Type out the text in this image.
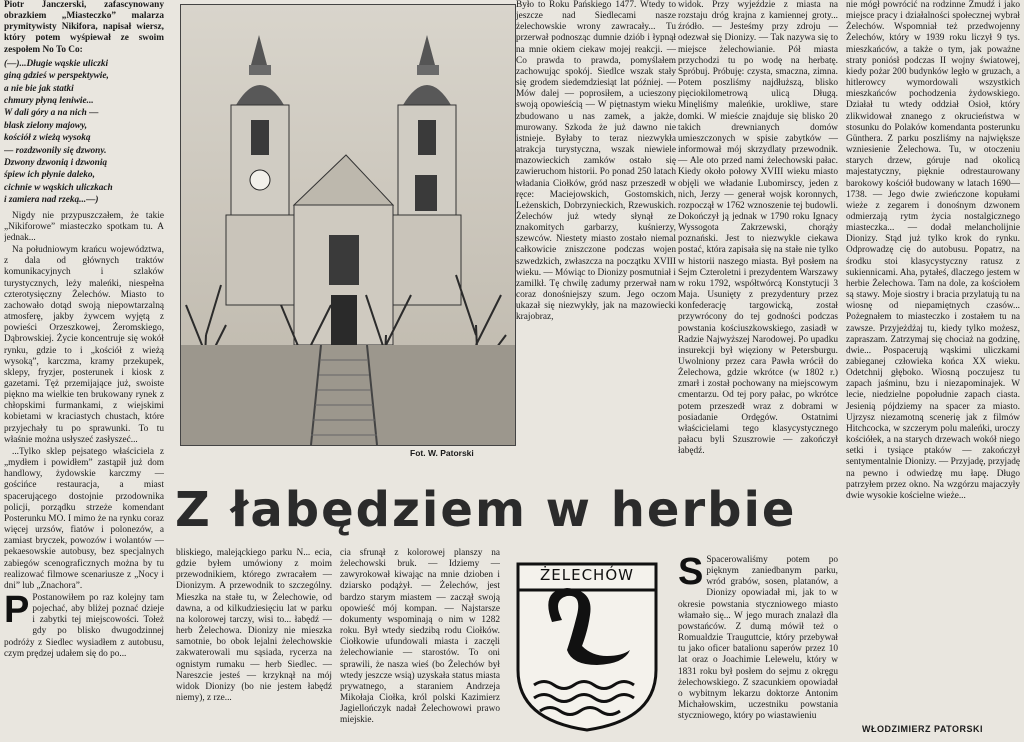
Piotr Janczerski, zafascynowany obrazkiem „Miasteczko” malarza prymitywisty Nikifora, napisał wiersz, który potem wyśpiewał ze swoim zespołem No To Co:

(—)...Długie wąskie uliczki
giną gdzieś w perspektywie,
a nie bie jak statki
chmury płyną leniwie...
W dali góry a na nich —
blask zielony majowy,
kościół z wieżą wysoką
— rozdzwonily się dzwony.
Dzwony dzwonią i dzwonią
śpiew ich płynie daleko,
cichnie w wąskich uliczkach
i zamiera nad rzeką...—)

Nigdy nie przypuszczałem, że takie „Nikiforowe” miasteczko spotkam tu. A jednak...

Na południowym krańcu województwa, z dala od głównych traktów komunikacyjnych i szlaków turystycznych, leży maleńki, niespełna czterotysięczny Żelechów. Miasto to zachowało dotąd swoją niepowtarzalną atmosferę, jakby żywcem wyjętą z powieści Orzeszkowej, Żeromskiego, Dąbrowskiej. Życie koncentruje się wokół rynku, gdzie to i „kościół z wieżą wysoką”, karczma, kramy przekupek, sklepy, fryzjer, posterunek i kiosk z gazetami. Tęż przemijające już, swoiste piękno ma wielkie ten brukowany rynek z chłopskimi furmankami, z wiejskimi kobietami w kraciastych chustach, które przyjechały tu po sprawunki. To tu właśnie można usłyszeć zasłyszeć...

...Tylko sklep pejsatego właściciela z „mydłem i powidłem” zastąpił już dom handlowy, żydowskie karczmy — gościńce restauracja, a miast spacerującego dostojnie przodownika policji, porządku strzeże komendant Posterunku MO. I mimo że na rynku coraz więcej urzsów, fiatów i polonezów, a zamiast bryczek, powozów i wolantów — pekaesowskie autobusy, bez specjalnych zabiegów scenograficznych można by tu realizować filmowe scenariusze z „Nocy i dni” lub „Znachora”.

P Postanowiłem po raz kolejny tam pojechać, aby bliżej poznać dzieje i zabytki tej miejscowości. Tołeż gdy po blisko dwugodzinnej podróży z Siedlec wysiadłem z autobusu, czym prędzej udałem się do po...

Fot. W. Patorski

bliskiego, malejąckiego parku N... ecia, gdzie byłem umówiony z moim przewodnikiem, którego zwracałem — Dionizym. A przewodnik to szczególny. Mieszka na stałe tu, w Żelechowie, od dawna, a od kilkudziesięciu lat w parku na kolorowej tarczy, wisi to... łabędź — herb Żelechowa. Dionizy nie mieszka samotnie, bo obok lejalni żelechowskie zakwaterowali mu sąsiada, rycerza na ognistym rumaku — herb Siedlec. — Nareszcie jesteś — krzyknął na mój widok Dionizy (bo nie jestem łabędź niemy), z rze...

cia sfrunął z kolorowej planszy na żelechowski bruk. — Idziemy — zawyrokował kiwając na mnie dzioben i dziarsko podążył. — Żelechów, jest bardzo starym miastem — zaczął swoją opowieść mój kompan. — Najstarsze dokumenty wspominają o nim w 1282 roku. Był wtedy siedzibą rodu Ciołków. Ciołkowie ufundowali miasta i zaczęli żelechowianie — starostów. To oni sprawili, że nasza wieś (bo Żelechów był wtedy jeszcze wsią) uzyskała status miasta prywatnego, a staraniem Andrzeja Mikołaja Ciołka, król polski Kazimierz Jagiellończyk nadał Żelechowowi prawo miejskie.

Z łabędziem w herbie

Było to Roku Pańskiego 1477. Wtedy to jeszcze nad Siedlecami nasze żelechowskie wrony zawracały... Tu przerwał podnosząc dumnie dziób i łypnął na mnie okiem ciekaw mojej reakcji. — Co prawda to prawda, pomyślałem zachowując spokój. Siedlce wszak stały się grodem siedemdziesiąt lat później. — Mów dalej — poprosiłem, a ucieszony swoją opowieścią — W piętnastym wieku zbudowano u nas zamek, a jakże, murowany. Szkoda że już dawno nie istnieje. Byłaby to teraz niezwykła atrakcja turystyczna, wszak niewiele mazowieckich zamków ostało się zawieruchom historii. Po ponad 250 latach władania Ciołków, gród nasz przeszedł w ręce: Maciejowskich, Gostomskich, Leżenskich, Dobrzynieckich, Rzewuskich. Żelechów już wtedy słynął ze znakomitych garbarzy, kuśnierzy, szewców. Niestety miasto zostało niemal całkowicie zniszczone podczas wojen szwedzkich, zwłaszcza na początku XVIII wieku. — Mówiąc to Dionizy posmutniał i zamilkł. Tę chwilę zadumy przerwał nam coraz donośniejszy szum. Jego oczom ukazał się niezwykły, jak na mazowiecki krajobraz,

ŻELECHÓW

widok. Przy wyjeździe z miasta na rozstaju dróg krajna z kamiennej groty... źródło. — Jesteśmy przy zdroju — odezwał się Dionizy. — Tak nazywa się to miejsce żelechowianie. Pół miasta przychodzi tu po wodę na herbatę. Spróbuj. Próbuję: czysta, smaczna, zimna. Potem poszliśmy najdłuższą, blisko pięciokilometrową ulicą Długą. Minęliśmy maleńkie, urokliwe, stare domki. W mieście znajduje się blisko 20 takich drewnianych domów umieszczonych w spisie zabytków — informował mój skrzydlaty przewodnik. — Ale oto przed nami żelechowski pałac. Kiedy około połowy XVIII wieku miasto objęli we władanie Lubomirscy, jeden z nich, Jerzy — generał wojsk koronnych, rozpoczął w 1762 wznoszenie tej budowli. Dokończył ją jednak w 1790 roku Ignacy Wyssogota Zakrzewski, chorąży poznański. Jest to niezwykle ciekawa postać, która zapisała się na stałe nie tylko w historii naszego miasta. Był posłem na Sejm Czteroletni i prezydentem Warszawy w roku 1792, współtwórcą Konstytucji 3 Maja. Usunięty z prezydentury przez konfederację targowicką, został przywrócony do tej godności podczas powstania kościuszkowskiego, zasiadł w Radzie Najwyższej Narodowej. Po upadku insurekcji był więziony w Petersburgu. Uwolniony przez cara Pawła wrócił do Żelechowa, gdzie wkrótce (w 1802 r.) zmarł i został pochowany na miejscowym cmentarzu. Od tej pory pałac, po wkrótce potem przeszedł wraz z dobrami w posiadanie Ordęgów. Ostatnimi właścicielami tego klasycystycznego pałacu byli Szuszrowie — zakończył łabędź.

S Spacerowaliśmy potem po pięknym zaniedbanym parku, wród grabów, sosen, platanów, a Dionizy opowiadał mi, jak to w okresie powstania styczniowego miasto włamało się... W jego murach znalazł dla powstańców. Z dumą mówił też o Romualdzie Trauguttcie, który przebywał tu jako oficer batalionu saperów przez 10 lat oraz o Joachimie Lelewelu, który w 1831 roku był posłem do sejmu z okręgu żelechowskiego. Z szacunkiem opowiadał o wybitnym lekarzu doktorze Antonim Michałowskim, uczestniku powstania styczniowego, który po wiastawieniu

nie mógł powrócić na rodzinne Żmudź i jako miejsce pracy i działalności społecznej wybrał Żelechów. Wspomniał też przedwojenny Żelechów, który w 1939 roku liczył 9 tys. mieszkańców, a także o tym, jak poważne straty poniósł podczas II wojny światowej, kiedy pożar 200 budynków legło w gruzach, a hitlerowcy wymordowali wszystkich mieszkańców pochodzenia żydowskiego. Działał tu wtedy oddział Osioł, który zlikwidował znanego z okrucieństwa w stosunku do Polaków komendanta posterunku Günthera. Z parku poszliśmy na największe wzniesienie Żelechowa. Tu, w otoczeniu starych drzew, góruje nad okolicą majestatyczny, pięknie odrestaurowany barokowy kościół budowany w latach 1690—1738. — Jego dwie zwieńczone kopułami wieże z zegarem i donośnym dzwonem odmierzają rytm życia nostalgicznego miasteczka... — dodał melancholijnie Dionizy. Stąd już tylko krok do rynku. Odprowadzę cię do autobusu. Popatrz, na środku stoi klasycystyczny ratusz z sukiennicami. Aha, pytałeś, dlaczego jestem w herbie Żelechowa. Tam na dole, za kościołem są stawy. Moje siostry i bracia przylatują tu na wiosnę od niepamiętnych czasów... Pożegnałem to miasteczko i zostałem tu na zawsze. Przyjeżdżaj tu, kiedy tylko możesz, zapraszam. Zatrzymaj się chociaż na godzinę, dwie... Pospacerują wąskimi uliczkami zabieganej człowieka końca XX wieku. Odetchnij głęboko. Wiosną poczujesz tu zapach jaśminu, bzu i niezapominajek. W lecie, niedzielne popołudnie zapach ciasta. Jesienią pójdziemy na spacer za miasto. Ujrzysz niezamotną scenerię jak z filmów Hitchcocka, w szczerym polu maleńki, uroczy kościółek, a na starych drzewach wokół niego setki i tysiące ptaków — zakończył sentymentalnie Dionizy. — Przyjadę, przyjadę na pewno i odwiedzę mu łapę. Długo patrzyłem przez okno. Na wzgórzu majaczyły dwie wysokie kościelne wieże...

WŁODZIMIERZ PATORSKI
